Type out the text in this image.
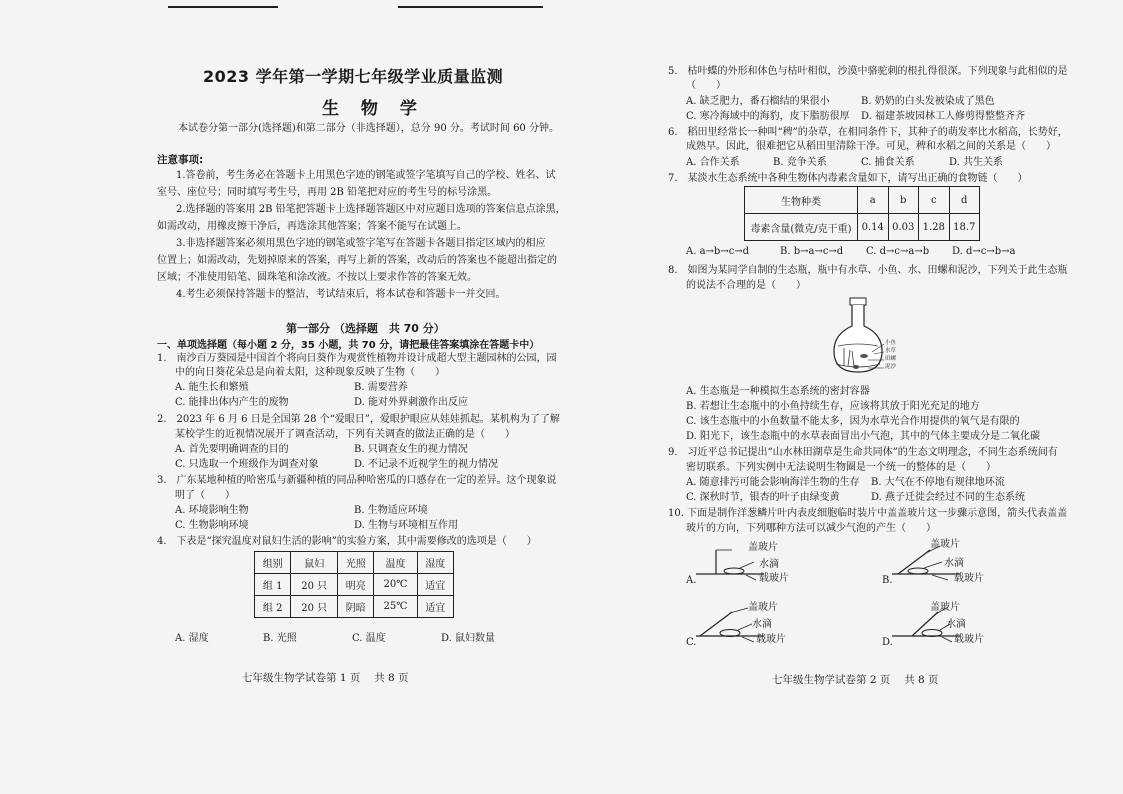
2023 学年第一学期七年级学业质量监测
生 物 学
本试卷分第一部分(选择题)和第二部分（非选择题），总分 90 分。考试时间 60 分钟。
注意事项:
1.答卷前，考生务必在答题卡上用黑色字迹的钢笔或签字笔填写自己的学校、姓名、试
室号、座位号；同时填写考生号，再用 2B 铅笔把对应的考生号的标号涂黑。
2.选择题的答案用 2B 铅笔把答题卡上选择题答题区中对应题目选项的答案信息点涂黑，
如需改动，用橡皮擦干净后，再选涂其他答案；答案不能写在试题上。
3.非选择题答案必须用黑色字迹的钢笔或签字笔写在答题卡各题目指定区域内的相应
位置上；如需改动，先划掉原来的答案，再写上新的答案，改动后的答案也不能超出指定的
区域；不准使用铅笔、圆珠笔和涂改液。不按以上要求作答的答案无效。
4.考生必须保持答题卡的整洁，考试结束后，将本试卷和答题卡一并交回。
第一部分 （选择题　共 70 分）
一、单项选择题（每小题 2 分，35 小题，共 70 分，请把最佳答案填涂在答题卡中）
1.　南沙百万葵园是中国首个将向日葵作为观赏性植物并设计成超大型主题园林的公园，园
中的向日葵花朵总是向着太阳，这种现象反映了生物（　　）
A. 能生长和繁殖	B. 需要营养
C. 能排出体内产生的废物	D. 能对外界刺激作出反应
2.　2023 年 6 月 6 日是全国第 28 个“爱眼日”，爱眼护眼应从娃娃抓起。某机构为了了解
某校学生的近视情况展开了调查活动，下列有关调查的做法正确的是（　　）
A. 首先要明确调查的目的	B. 只调查女生的视力情况
C. 只选取一个班级作为调查对象	D. 不记录不近视学生的视力情况
3.　广东某地种植的哈密瓜与新疆种植的同品种哈密瓜的口感存在一定的差异。这个现象说
明了（　　）
A. 环境影响生物	B. 生物适应环境
C. 生物影响环境	D. 生物与环境相互作用
4.　下表是“探究温度对鼠妇生活的影响”的实验方案，其中需要修改的选项是（　　）
组别	鼠妇	光照	温度	湿度
组 1	20 只	明亮	20℃	适宜
组 2	20 只	阴暗	25℃	适宜
A. 湿度	B. 光照	C. 温度	D. 鼠妇数量
七年级生物学试卷第 1 页　 共 8 页
5.　枯叶蝶的外形和体色与枯叶相似，沙漠中骆驼刺的根扎得很深。下列现象与此相似的是
（　　）
A. 缺乏肥力，番石榴结的果很小	B. 奶奶的白头发被染成了黑色
C. 寒冷海域中的海豹，皮下脂肪很厚 D. 福建茶坡园林工人修剪得整整齐齐
6.　稻田里经常长一种叫“稗”的杂草，在相同条件下，其种子的萌发率比水稻高，长势好，
成熟早。因此，很难把它从稻田里清除干净。可见，稗和水稻之间的关系是（　　）
A. 合作关系	B. 竞争关系	C. 捕食关系	D. 共生关系
7.　某淡水生态系统中各种生物体内毒素含量如下，请写出正确的食物链（　　）
生物种类	a	b	c	d
毒素含量(微克/克干重)	0.14	0.03	1.28	18.7
A. a→b→c→d	B. b→a→c→d C. d→c→a→b D. d→c→b→a
8.　如图为某同学自制的生态瓶，瓶中有水草、小鱼、水、田螺和泥沙，下列关于此生态瓶
的说法不合理的是（　　）
小鱼
水草
田螺
泥沙
A. 生态瓶是一种模拟生态系统的密封容器
B. 若想让生态瓶中的小鱼持续生存，应该将其放于阳光充足的地方
C. 该生态瓶中的小鱼数量不能太多，因为水草光合作用提供的氧气是有限的
D. 阳光下，该生态瓶中的水草表面冒出小气泡，其中的气体主要成分是二氧化碳
9.　习近平总书记提出“山水林田湖草是生命共同体”的生态文明理念，不同生态系统间有
密切联系。下列实例中无法说明生物圈是一个统一的整体的是（　　）
A. 随意排污可能会影响海洋生物的生存 B. 大气在不停地有规律地环流
C. 深秋时节，银杏的叶子由绿变黄	D. 燕子迁徙会经过不同的生态系统
10. 下面是制作洋葱鳞片叶内表皮细胞临时装片中盖盖玻片这一步骤示意图，箭头代表盖盖
玻片的方向，下列哪种方法可以减少气泡的产生（　　）
A.
盖玻片
水滴
载玻片	B.
盖玻片
水滴
载玻片
C.
盖玻片
水滴
载玻片	D.
盖玻片
水滴
载玻片
七年级生物学试卷第 2 页　 共 8 页
